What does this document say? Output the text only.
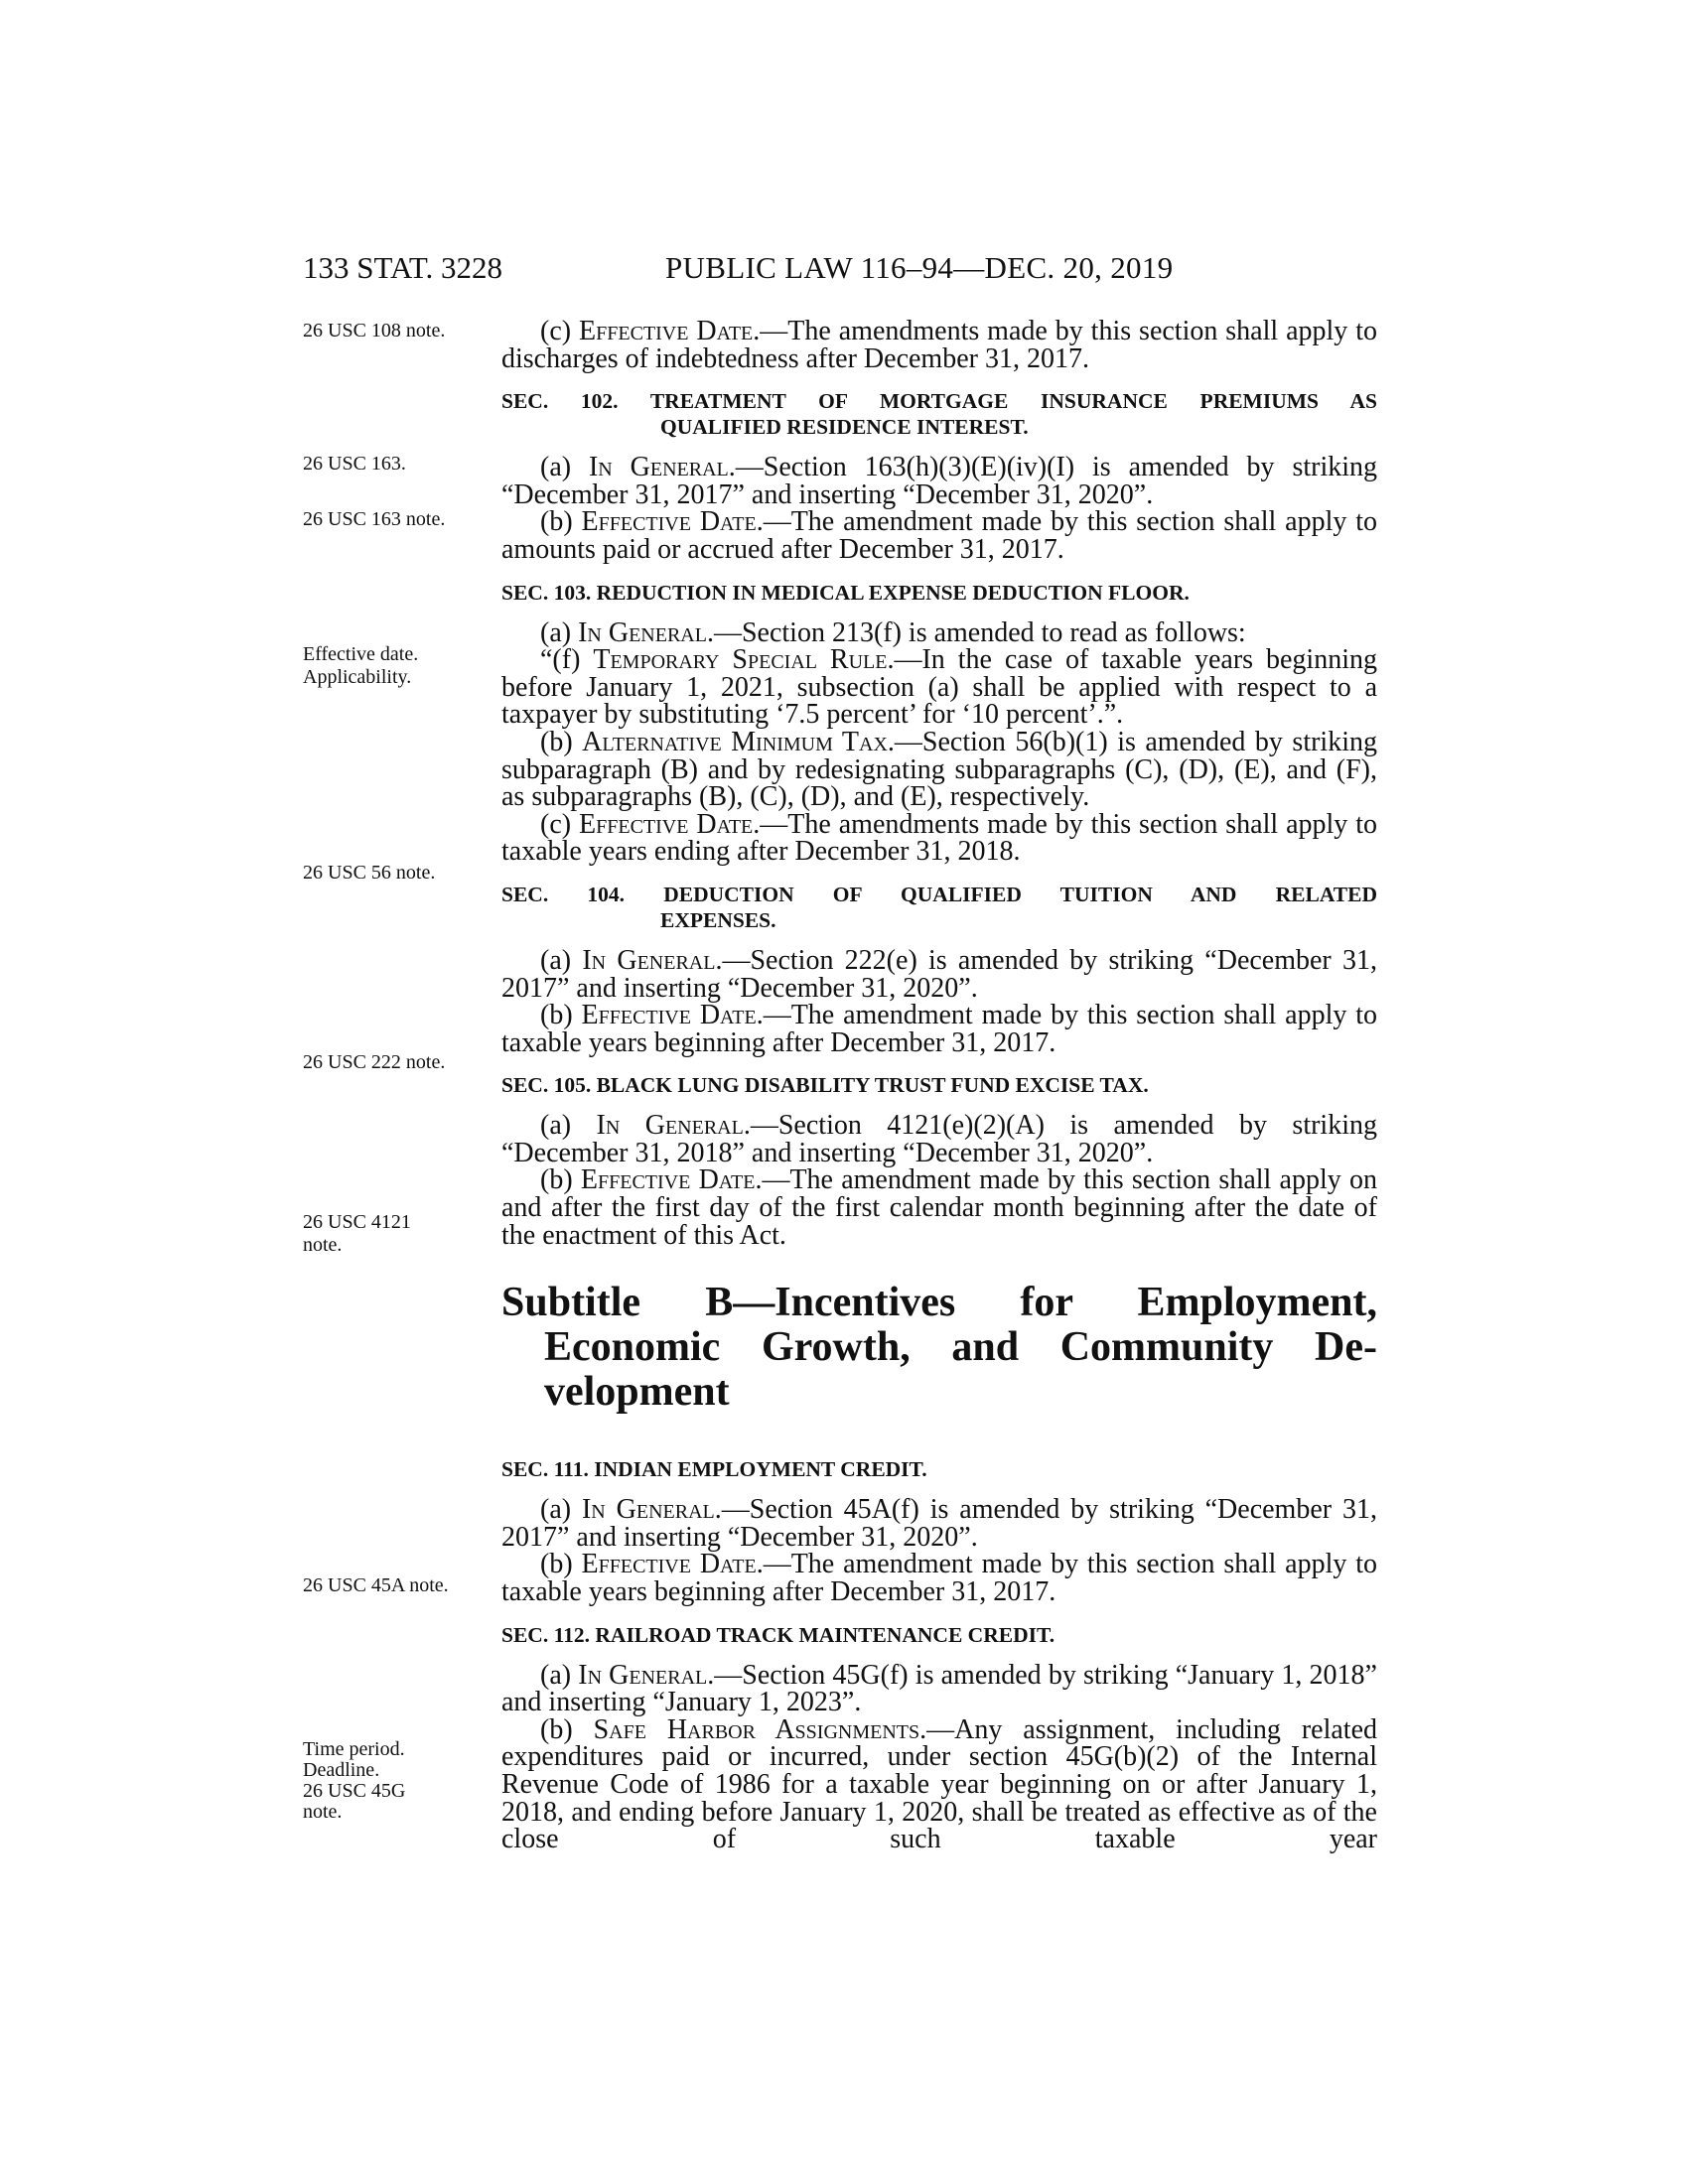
133 STAT. 3228	PUBLIC LAW 116–94—DEC. 20, 2019
26 USC 108 note.
26 USC 163.
26 USC 163 note.
Effective date.
Applicability.
26 USC 56 note.
26 USC 222 note.
26 USC 4121
note.
26 USC 45A note.
Time period.
Deadline.
26 USC 45G
note.

(c) Effective Date.—The amendments made by this section shall apply to discharges of indebtedness after December 31, 2017.

SEC. 102. TREATMENT OF MORTGAGE INSURANCE PREMIUMS AS

QUALIFIED RESIDENCE INTEREST.

(a) In General.—Section 163(h)(3)(E)(iv)(I) is amended by striking “December 31, 2017” and inserting “December 31, 2020”.

(b) Effective Date.—The amendment made by this section shall apply to amounts paid or accrued after December 31, 2017.

SEC. 103. REDUCTION IN MEDICAL EXPENSE DEDUCTION FLOOR.

(a) In General.—Section 213(f) is amended to read as follows:

“(f) Temporary Special Rule.—In the case of taxable years beginning before January 1, 2021, subsection (a) shall be applied with respect to a taxpayer by substituting ‘7.5 percent’ for ‘10 percent’.”.

(b) Alternative Minimum Tax.—Section 56(b)(1) is amended by striking subparagraph (B) and by redesignating subparagraphs (C), (D), (E), and (F), as subparagraphs (B), (C), (D), and (E), respectively.

(c) Effective Date.—The amendments made by this section shall apply to taxable years ending after December 31, 2018.

SEC. 104. DEDUCTION OF QUALIFIED TUITION AND RELATED

EXPENSES.

(a) In General.—Section 222(e) is amended by striking “December 31, 2017” and inserting “December 31, 2020”.

(b) Effective Date.—The amendment made by this section shall apply to taxable years beginning after December 31, 2017.

SEC. 105. BLACK LUNG DISABILITY TRUST FUND EXCISE TAX.

(a) In General.—Section 4121(e)(2)(A) is amended by striking “December 31, 2018” and inserting “December 31, 2020”.

(b) Effective Date.—The amendment made by this section shall apply on and after the first day of the first calendar month beginning after the date of the enactment of this Act.

Subtitle B—Incentives for Employment,
Economic Growth, and Community De-
velopment

SEC. 111. INDIAN EMPLOYMENT CREDIT.

(a) In General.—Section 45A(f) is amended by striking “December 31, 2017” and inserting “December 31, 2020”.

(b) Effective Date.—The amendment made by this section shall apply to taxable years beginning after December 31, 2017.

SEC. 112. RAILROAD TRACK MAINTENANCE CREDIT.

(a) In General.—Section 45G(f) is amended by striking “January 1, 2018” and inserting “January 1, 2023”.

(b) Safe Harbor Assignments.—Any assignment, including related expenditures paid or incurred, under section 45G(b)(2) of the Internal Revenue Code of 1986 for a taxable year beginning on or after January 1, 2018, and ending before January 1, 2020, shall be treated as effective as of the close of such taxable year
